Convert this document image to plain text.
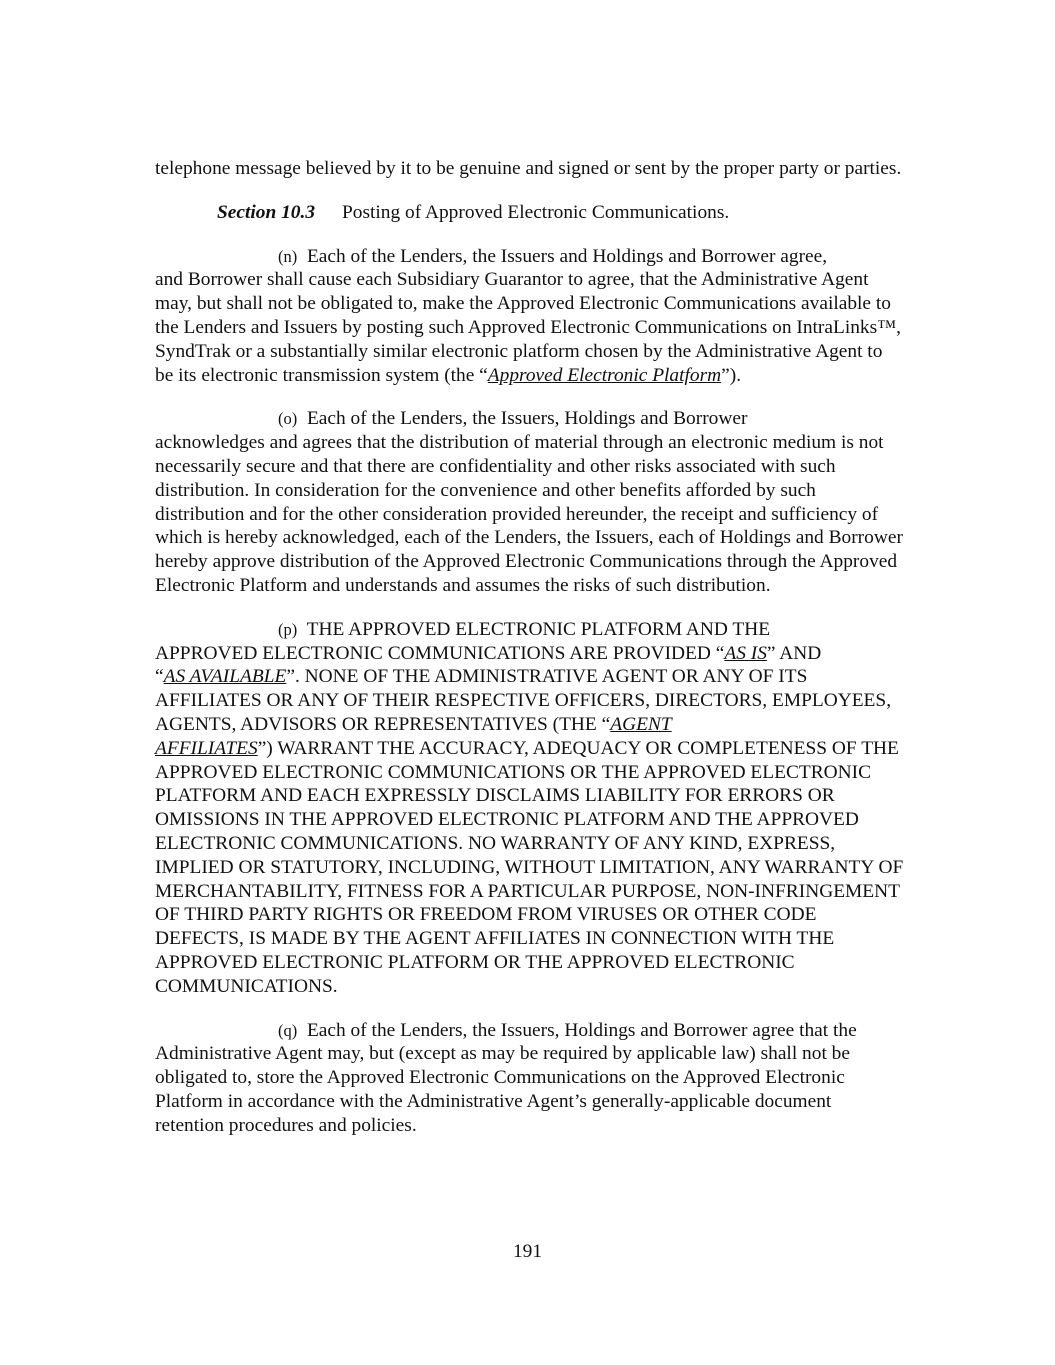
telephone message believed by it to be genuine and signed or sent by the proper party or parties.

Section 10.3 Posting of Approved Electronic Communications.

(n) Each of the Lenders, the Issuers and Holdings and Borrower agree,
and Borrower shall cause each Subsidiary Guarantor to agree, that the Administrative Agent may, but shall not be obligated to, make the Approved Electronic Communications available to the Lenders and Issuers by posting such Approved Electronic Communications on IntraLinks™, SyndTrak or a substantially similar electronic platform chosen by the Administrative Agent to be its electronic transmission system (the “Approved Electronic Platform”).

(o) Each of the Lenders, the Issuers, Holdings and Borrower
acknowledges and agrees that the distribution of material through an electronic medium is not necessarily secure and that there are confidentiality and other risks associated with such distribution. In consideration for the convenience and other benefits afforded by such distribution and for the other consideration provided hereunder, the receipt and sufficiency of which is hereby acknowledged, each of the Lenders, the Issuers, each of Holdings and Borrower hereby approve distribution of the Approved Electronic Communications through the Approved Electronic Platform and understands and assumes the risks of such distribution.

(p) THE APPROVED ELECTRONIC PLATFORM AND THE
APPROVED ELECTRONIC COMMUNICATIONS ARE PROVIDED “AS IS” AND
“AS AVAILABLE”. NONE OF THE ADMINISTRATIVE AGENT OR ANY OF ITS AFFILIATES OR ANY OF THEIR RESPECTIVE OFFICERS, DIRECTORS, EMPLOYEES, AGENTS, ADVISORS OR REPRESENTATIVES (THE “AGENT
AFFILIATES”) WARRANT THE ACCURACY, ADEQUACY OR COMPLETENESS OF THE APPROVED ELECTRONIC COMMUNICATIONS OR THE APPROVED ELECTRONIC PLATFORM AND EACH EXPRESSLY DISCLAIMS LIABILITY FOR ERRORS OR OMISSIONS IN THE APPROVED ELECTRONIC PLATFORM AND THE APPROVED ELECTRONIC COMMUNICATIONS. NO WARRANTY OF ANY KIND, EXPRESS, IMPLIED OR STATUTORY, INCLUDING, WITHOUT LIMITATION, ANY WARRANTY OF MERCHANTABILITY, FITNESS FOR A PARTICULAR PURPOSE, NON-INFRINGEMENT OF THIRD PARTY RIGHTS OR FREEDOM FROM VIRUSES OR OTHER CODE DEFECTS, IS MADE BY THE AGENT AFFILIATES IN CONNECTION WITH THE APPROVED ELECTRONIC PLATFORM OR THE APPROVED ELECTRONIC COMMUNICATIONS.

(q) Each of the Lenders, the Issuers, Holdings and Borrower agree that the
Administrative Agent may, but (except as may be required by applicable law) shall not be obligated to, store the Approved Electronic Communications on the Approved Electronic Platform in accordance with the Administrative Agent’s generally-applicable document retention procedures and policies.

191
